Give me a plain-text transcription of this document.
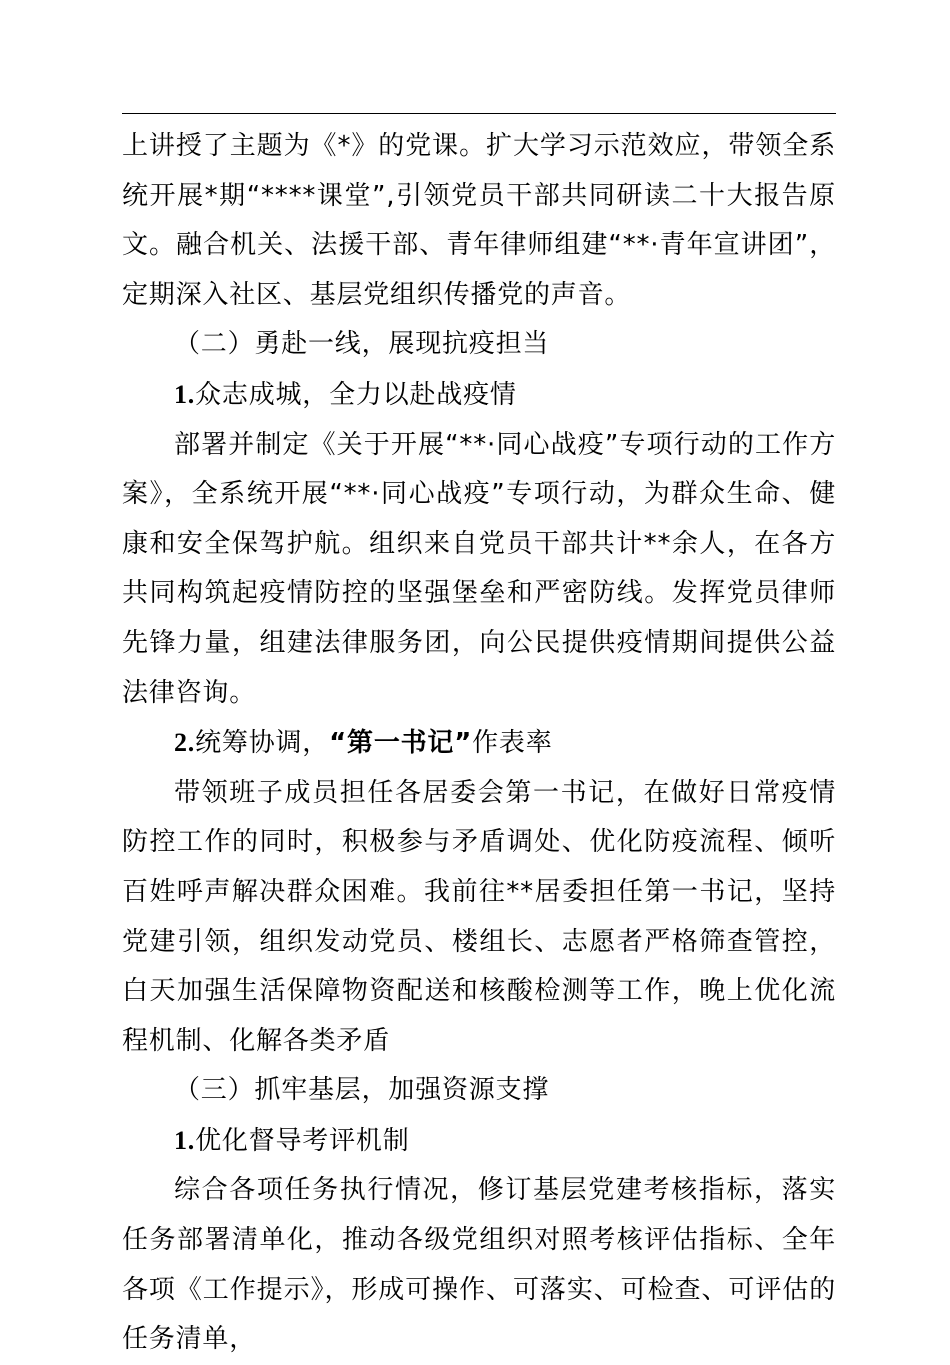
上讲授了主题为《*》的党课。扩大学习示范效应，带领全系统开展*期“****课堂”,引领党员干部共同研读二十大报告原文。融合机关、法援干部、青年律师组建“**·青年宣讲团”，定期深入社区、基层党组织传播党的声音。

（二）勇赴一线，展现抗疫担当

1.众志成城，全力以赴战疫情

部署并制定《关于开展“**·同心战疫”专项行动的工作方案》，全系统开展“**·同心战疫”专项行动，为群众生命、健康和安全保驾护航。组织来自党员干部共计**余人，在各方共同构筑起疫情防控的坚强堡垒和严密防线。发挥党员律师先锋力量，组建法律服务团，向公民提供疫情期间提供公益法律咨询。

2.统筹协调，“第一书记”作表率

带领班子成员担任各居委会第一书记，在做好日常疫情防控工作的同时，积极参与矛盾调处、优化防疫流程、倾听百姓呼声解决群众困难。我前往**居委担任第一书记，坚持党建引领，组织发动党员、楼组长、志愿者严格筛查管控，白天加强生活保障物资配送和核酸检测等工作，晚上优化流程机制、化解各类矛盾

（三）抓牢基层，加强资源支撑

1.优化督导考评机制

综合各项任务执行情况，修订基层党建考核指标，落实任务部署清单化，推动各级党组织对照考核评估指标、全年各项《工作提示》，形成可操作、可落实、可检查、可评估的任务清单，
